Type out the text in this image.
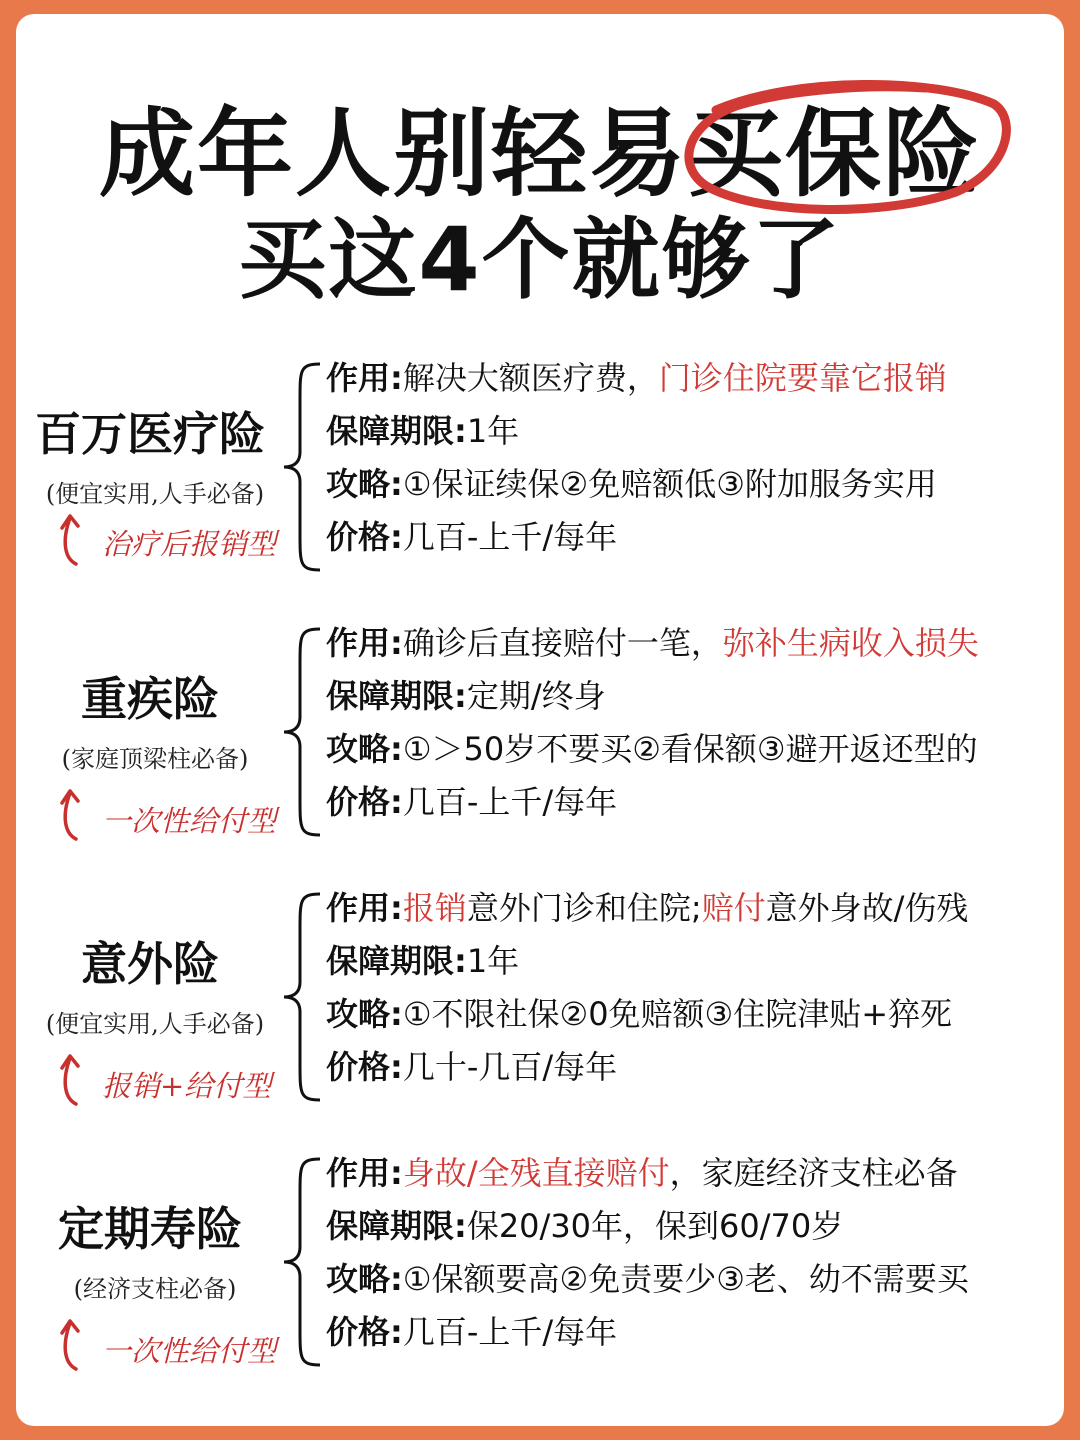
成年人别轻易买保险
买这4个就够了
百万医疗险
(便宜实用,人手必备)
治疗后报销型
作用:解决大额医疗费，门诊住院要靠它报销
保障期限:1年
攻略:①保证续保②免赔额低③附加服务实用
价格:几百-上千/每年
重疾险
(家庭顶梁柱必备)
一次性给付型
作用:确诊后直接赔付一笔，弥补生病收入损失
保障期限:定期/终身
攻略:①＞50岁不要买②看保额③避开返还型的
价格:几百-上千/每年
意外险
(便宜实用,人手必备)
报销+给付型
作用:报销意外门诊和住院;赔付意外身故/伤残
保障期限:1年
攻略:①不限社保②0免赔额③住院津贴+猝死
价格:几十-几百/每年
定期寿险
(经济支柱必备)
一次性给付型
作用:身故/全残直接赔付，家庭经济支柱必备
保障期限:保20/30年，保到60/70岁
攻略:①保额要高②免责要少③老、幼不需要买
价格:几百-上千/每年
